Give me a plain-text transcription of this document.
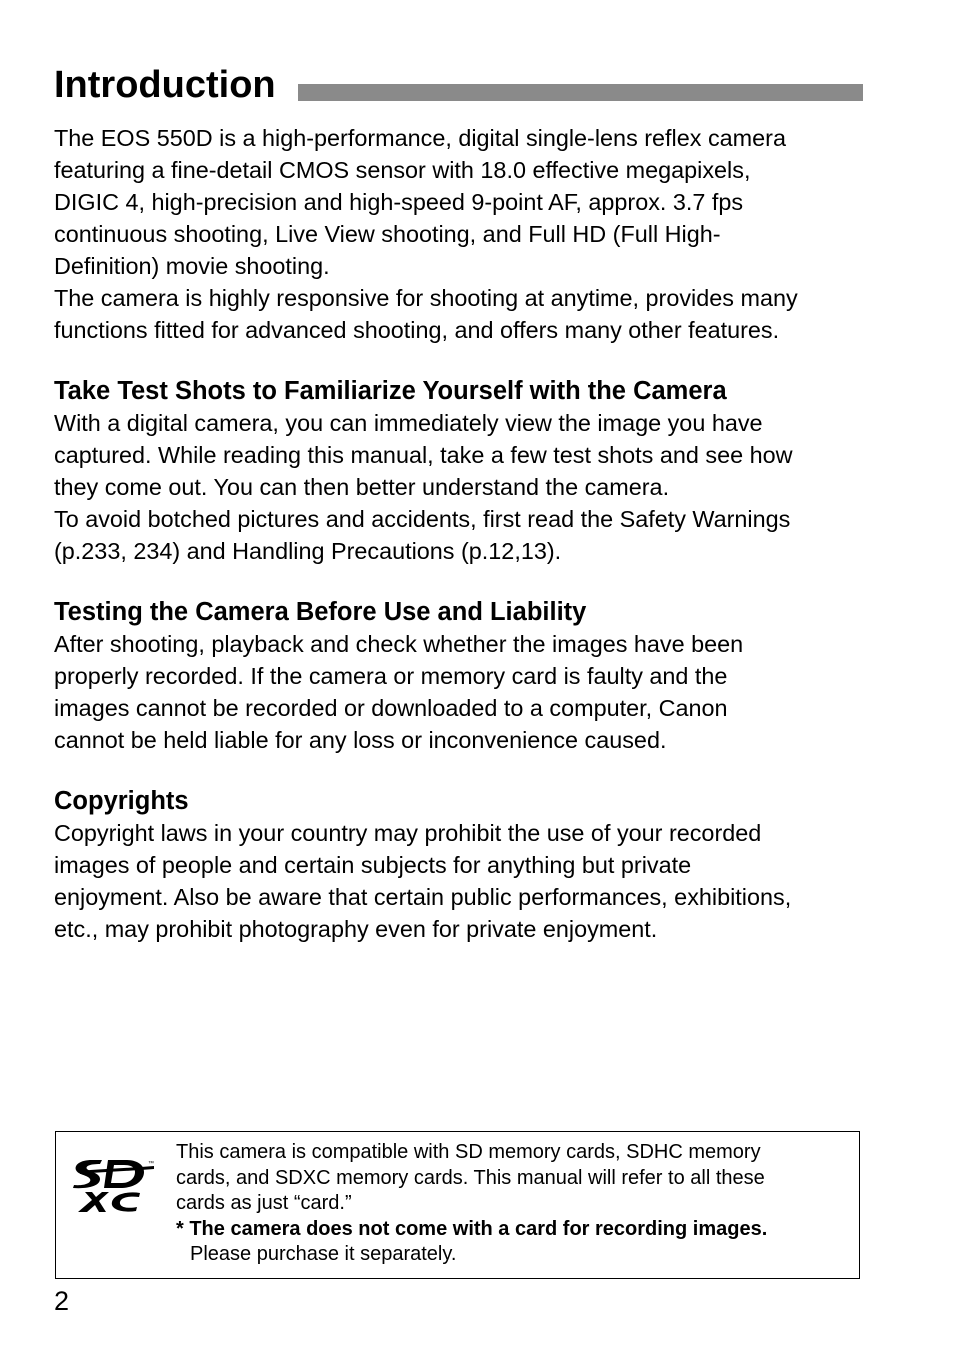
Introduction

The EOS 550D is a high-performance, digital single-lens reflex camera

featuring a fine-detail CMOS sensor with 18.0 effective megapixels,

DIGIC 4, high-precision and high-speed 9-point AF, approx. 3.7 fps

continuous shooting, Live View shooting, and Full HD (Full High-

Definition) movie shooting.

The camera is highly responsive for shooting at anytime, provides many

functions fitted for advanced shooting, and offers many other features.

Take Test Shots to Familiarize Yourself with the Camera

With a digital camera, you can immediately view the image you have

captured. While reading this manual, take a few test shots and see how

they come out. You can then better understand the camera.

To avoid botched pictures and accidents, first read the Safety Warnings

(p.233, 234) and Handling Precautions (p.12,13).

Testing the Camera Before Use and Liability

After shooting, playback and check whether the images have been

properly recorded. If the camera or memory card is faulty and the

images cannot be recorded or downloaded to a computer, Canon

cannot be held liable for any loss or inconvenience caused.

Copyrights

Copyright laws in your country may prohibit the use of your recorded

images of people and certain subjects for anything but private

enjoyment. Also be aware that certain public performances, exhibitions,

etc., may prohibit photography even for private enjoyment.

™
This camera is compatible with SD memory cards, SDHC memory
cards, and SDXC memory cards. This manual will refer to all these
cards as just “card.”
* The camera does not come with a card for recording images.
Please purchase it separately.
2
